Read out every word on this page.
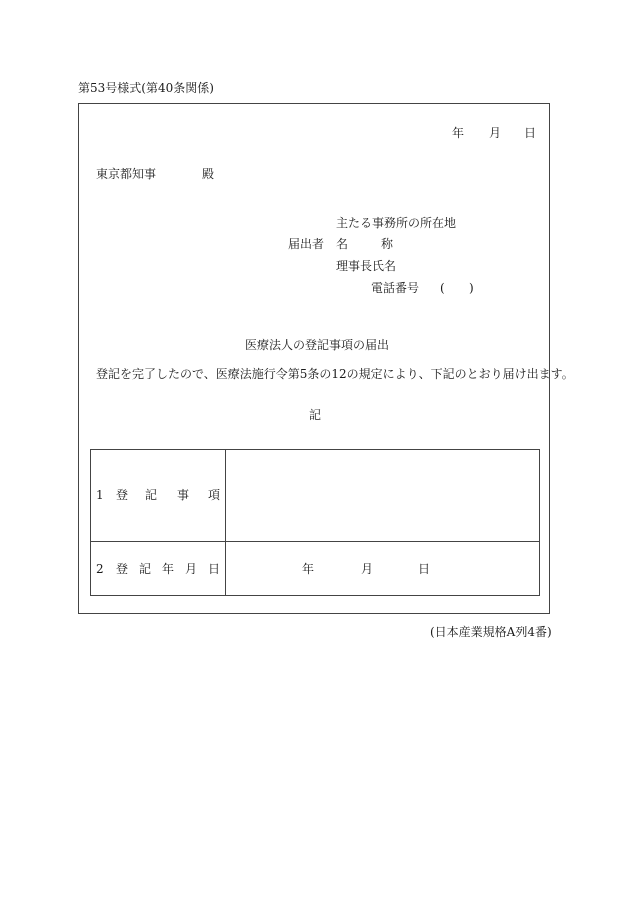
第53号様式(第40条関係)
年 月 日
東京都知事	殿
主たる事務所の所在地
届出者 名	称
理事長氏名
電話番号 ( )
医療法人の登記事項の届出
登記を完了したので、医療法施行令第5条の12の規定により、下記のとおり届け出ます。
記
1 登 記 事 項
2 登 記 年 月 日	年	月	日
(日本産業規格A列4番)
